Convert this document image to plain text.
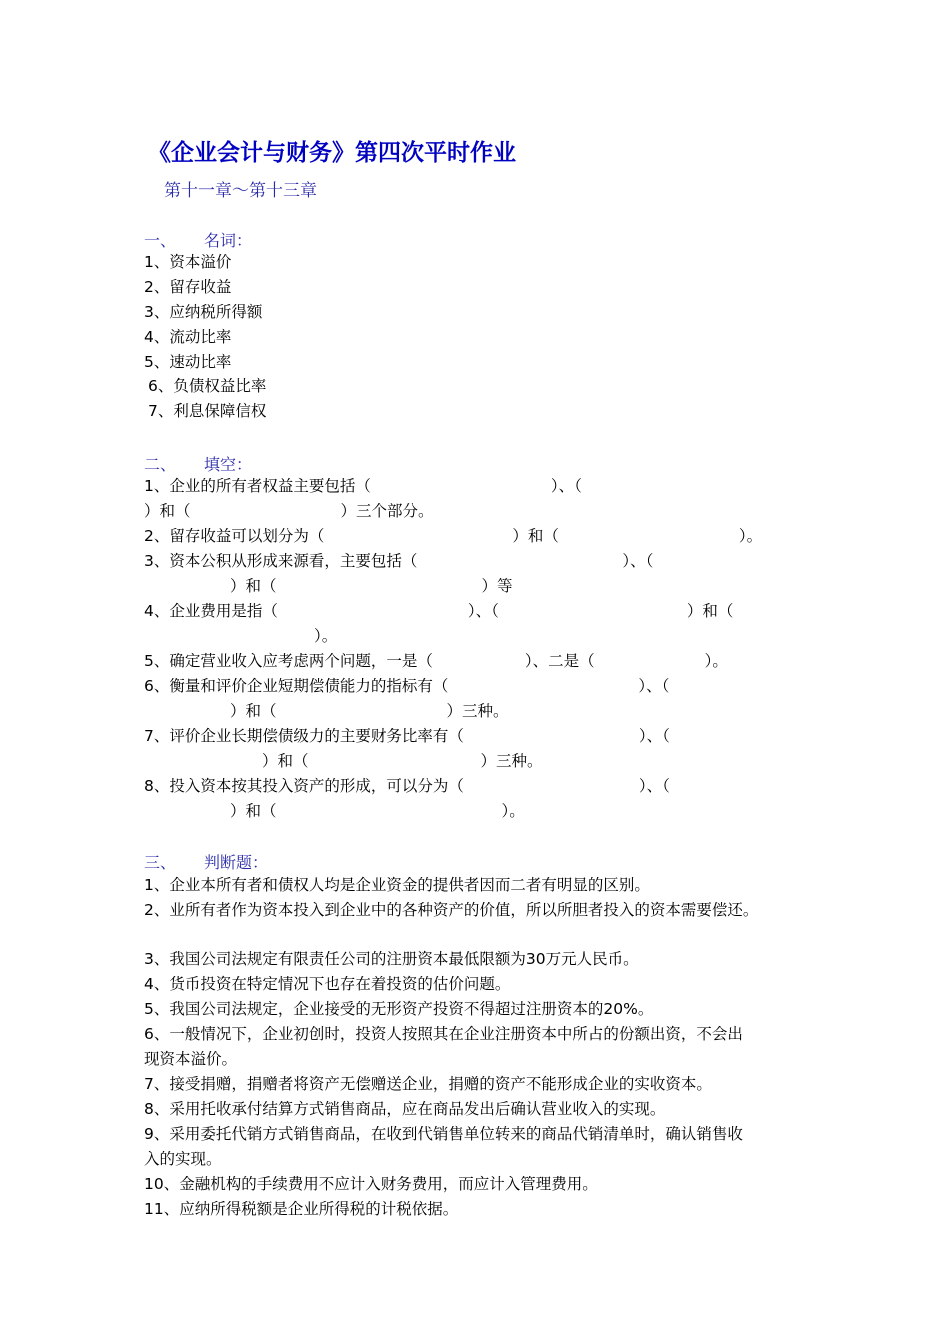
《企业会计与财务》第四次平时作业
第十一章～第十三章
一、 名词：
1、资本溢价
2、留存收益
3、应纳税所得额
4、流动比率
5、速动比率
6、负债权益比率
7、利息保障信权
二、 填空：
1、企业的所有者权益主要包括（	）、（
）和（	）三个部分。
2、留存收益可以划分为（	）和（	）。
3、资本公积从形成来源看，主要包括（	）、（
）和（	）等
4、企业费用是指（	）、（	）和（
）。
5、确定营业收入应考虑两个问题，一是（	）、二是（	）。
6、衡量和评价企业短期偿债能力的指标有（	）、（
）和（	）三种。
7、评价企业长期偿债级力的主要财务比率有（	）、（
）和（	）三种。
8、投入资本按其投入资产的形成，可以分为（	）、（
）和（	）。
三、 判断题：
1、企业本所有者和债权人均是企业资金的提供者因而二者有明显的区别。
2、业所有者作为资本投入到企业中的各种资产的价值，所以所胆者投入的资本需要偿还。
3、我国公司法规定有限责任公司的注册资本最低限额为30万元人民币。
4、货币投资在特定情况下也存在着投资的估价问题。
5、我国公司法规定，企业接受的无形资产投资不得超过注册资本的20%。
6、一般情况下，企业初创时，投资人按照其在企业注册资本中所占的份额出资，不会出
现资本溢价。
7、接受捐赠，捐赠者将资产无偿赠送企业，捐赠的资产不能形成企业的实收资本。
8、采用托收承付结算方式销售商品，应在商品发出后确认营业收入的实现。
9、采用委托代销方式销售商品，在收到代销售单位转来的商品代销清单时，确认销售收
入的实现。
10、金融机构的手续费用不应计入财务费用，而应计入管理费用。
11、应纳所得税额是企业所得税的计税依据。
